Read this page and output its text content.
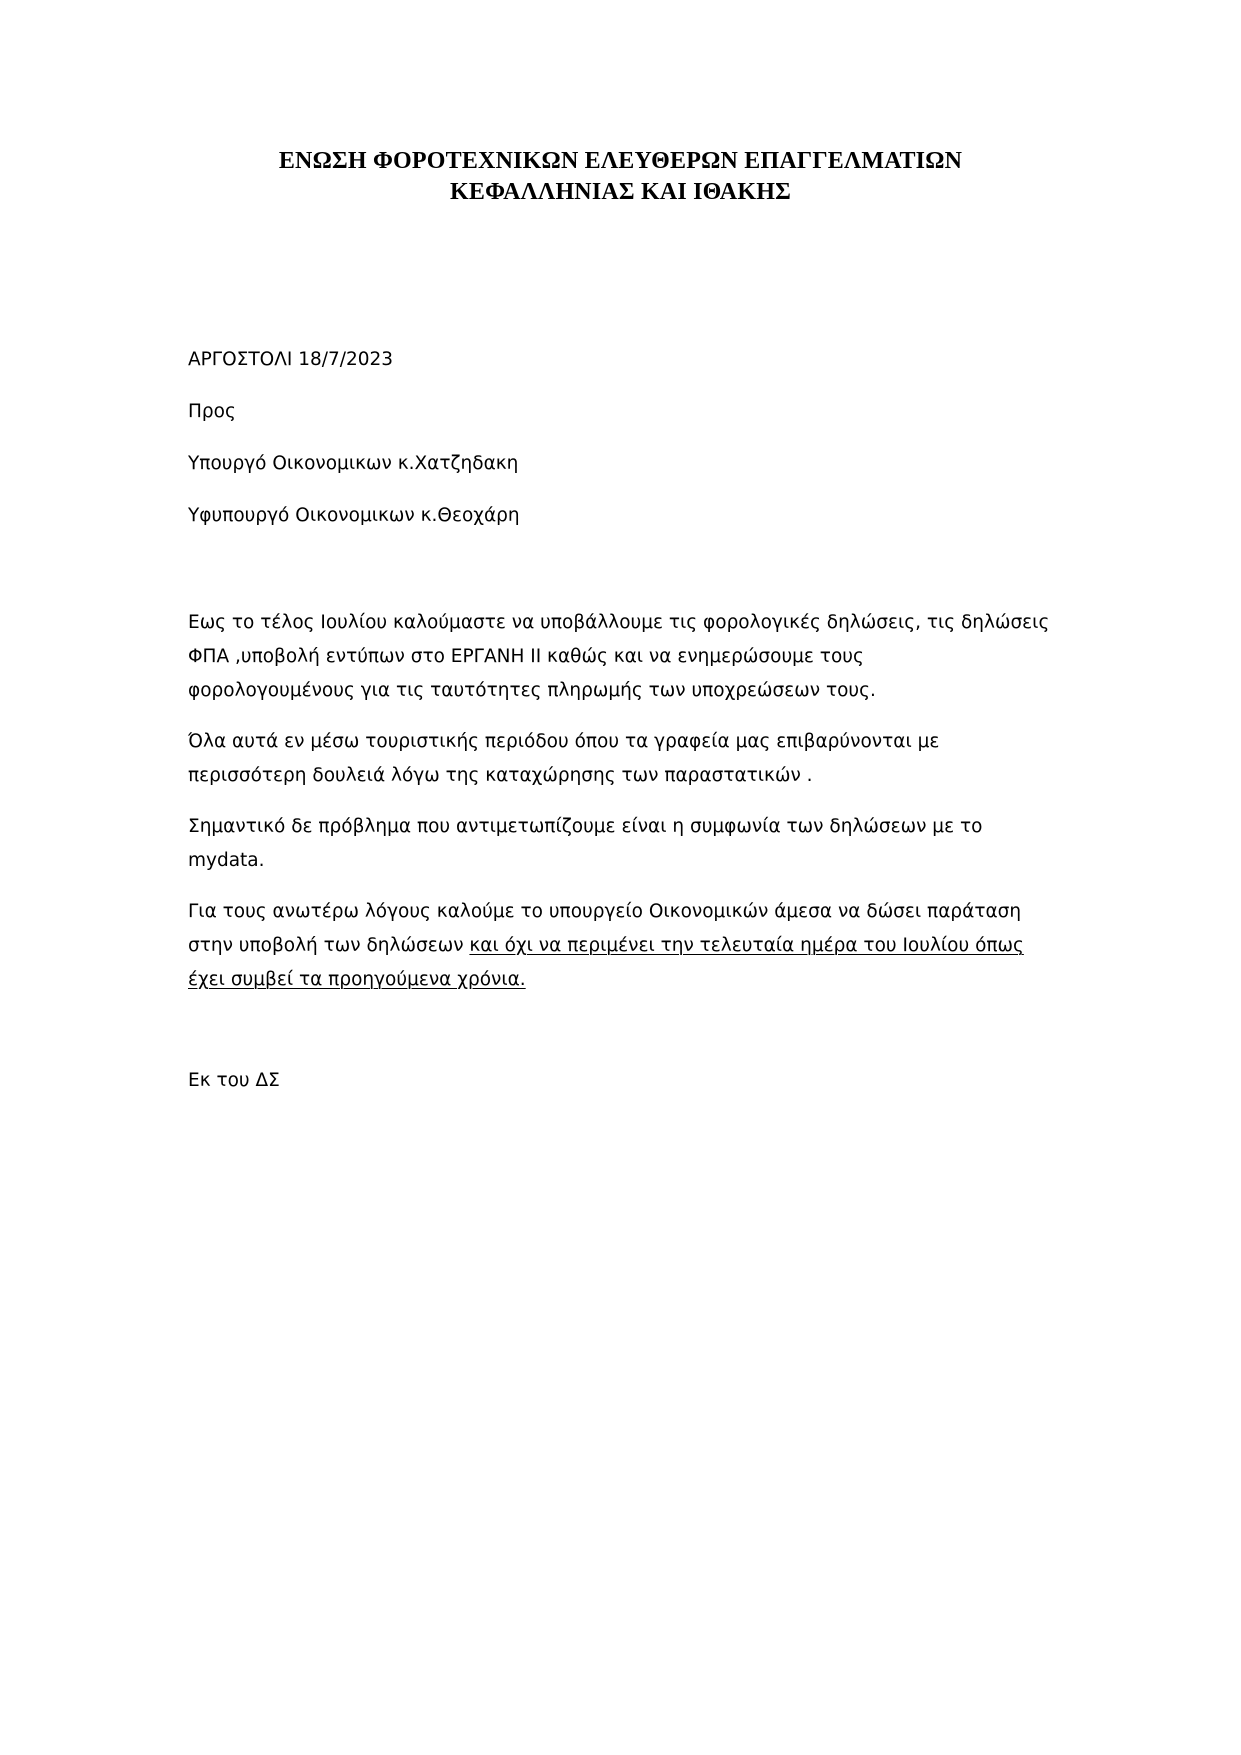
ΕΝΩΣΗ ΦΟΡΟΤΕΧΝΙΚΩΝ ΕΛΕΥΘΕΡΩΝ ΕΠΑΓΓΕΛΜΑΤΙΩΝ
ΚΕΦΑΛΛΗΝΙΑΣ ΚΑΙ ΙΘΑΚΗΣ
ΑΡΓΟΣΤΟΛΙ 18/7/2023
Προς
Υπουργό Οικονομικων κ.Χατζηδακη
Υφυπουργό Οικονομικων κ.Θεοχάρη
Εως το τέλος Ιουλίου καλούμαστε να υποβάλλουμε τις φορολογικές δηλώσεις, τις δηλώσεις
ΦΠΑ ,υποβολή εντύπων στο ΕΡΓΑΝΗ ΙΙ καθώς και να ενημερώσουμε τους
φορολογουμένους για τις ταυτότητες πληρωμής των υποχρεώσεων τους.
Όλα αυτά εν μέσω τουριστικής περιόδου όπου τα γραφεία μας επιβαρύνονται με
περισσότερη δουλειά λόγω της καταχώρησης των παραστατικών .
Σημαντικό δε πρόβλημα που αντιμετωπίζουμε είναι η συμφωνία των δηλώσεων με το
mydata.
Για τους ανωτέρω λόγους καλούμε το υπουργείο Οικονομικών άμεσα να δώσει παράταση
στην υποβολή των δηλώσεων και όχι να περιμένει την τελευταία ημέρα του Ιουλίου όπως
έχει συμβεί τα προηγούμενα χρόνια.
Εκ του ΔΣ
